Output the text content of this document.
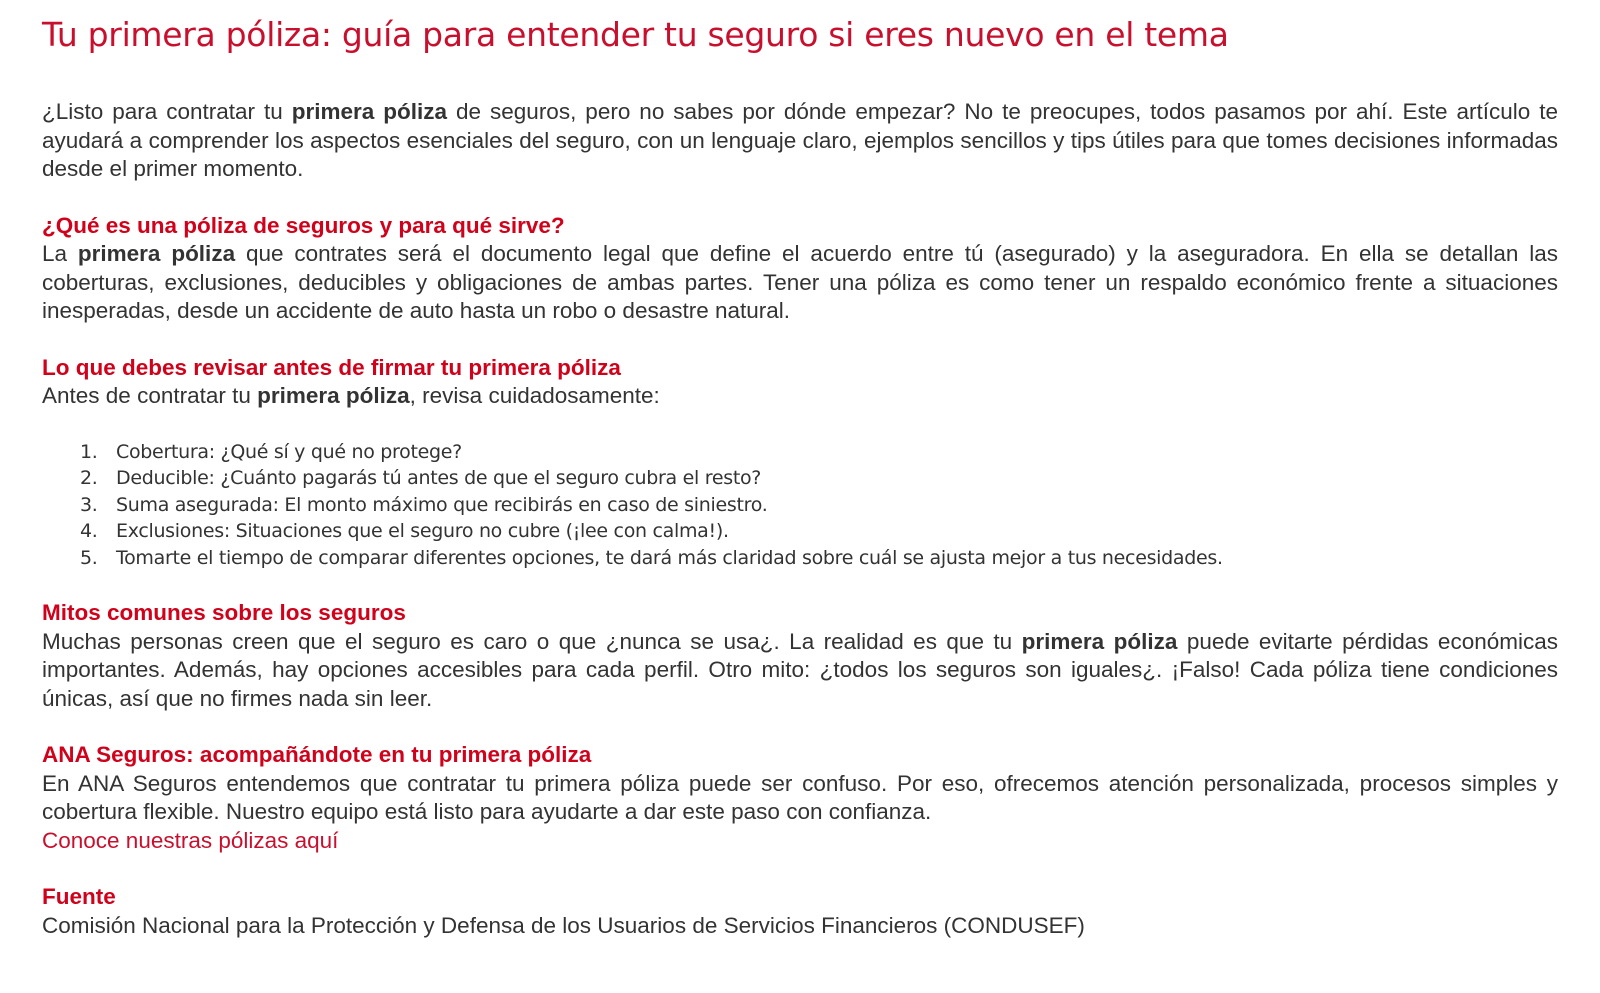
Tu primera póliza: guía para entender tu seguro si eres nuevo en el tema

¿Listo para contratar tu primera póliza de seguros, pero no sabes por dónde empezar? No te preocupes, todos pasamos por ahí. Este artículo te ayudará a comprender los aspectos esenciales del seguro, con un lenguaje claro, ejemplos sencillos y tips útiles para que tomes decisiones informadas desde el primer momento.

¿Qué es una póliza de seguros y para qué sirve?

La primera póliza que contrates será el documento legal que define el acuerdo entre tú (asegurado) y la aseguradora. En ella se detallan las coberturas, exclusiones, deducibles y obligaciones de ambas partes. Tener una póliza es como tener un respaldo económico frente a situaciones inesperadas, desde un accidente de auto hasta un robo o desastre natural.

Lo que debes revisar antes de firmar tu primera póliza

Antes de contratar tu primera póliza, revisa cuidadosamente:

1. Cobertura: ¿Qué sí y qué no protege?
2. Deducible: ¿Cuánto pagarás tú antes de que el seguro cubra el resto?
3. Suma asegurada: El monto máximo que recibirás en caso de siniestro.
4. Exclusiones: Situaciones que el seguro no cubre (¡lee con calma!).
5. Tomarte el tiempo de comparar diferentes opciones, te dará más claridad sobre cuál se ajusta mejor a tus necesidades.
Mitos comunes sobre los seguros

Muchas personas creen que el seguro es caro o que ¿nunca se usa¿. La realidad es que tu primera póliza puede evitarte pérdidas económicas importantes. Además, hay opciones accesibles para cada perfil. Otro mito: ¿todos los seguros son iguales¿. ¡Falso! Cada póliza tiene condiciones únicas, así que no firmes nada sin leer.

ANA Seguros: acompañándote en tu primera póliza

En ANA Seguros entendemos que contratar tu primera póliza puede ser confuso. Por eso, ofrecemos atención personalizada, procesos simples y cobertura flexible. Nuestro equipo está listo para ayudarte a dar este paso con confianza.

Conoce nuestras pólizas aquí
Fuente

Comisión Nacional para la Protección y Defensa de los Usuarios de Servicios Financieros (CONDUSEF)
